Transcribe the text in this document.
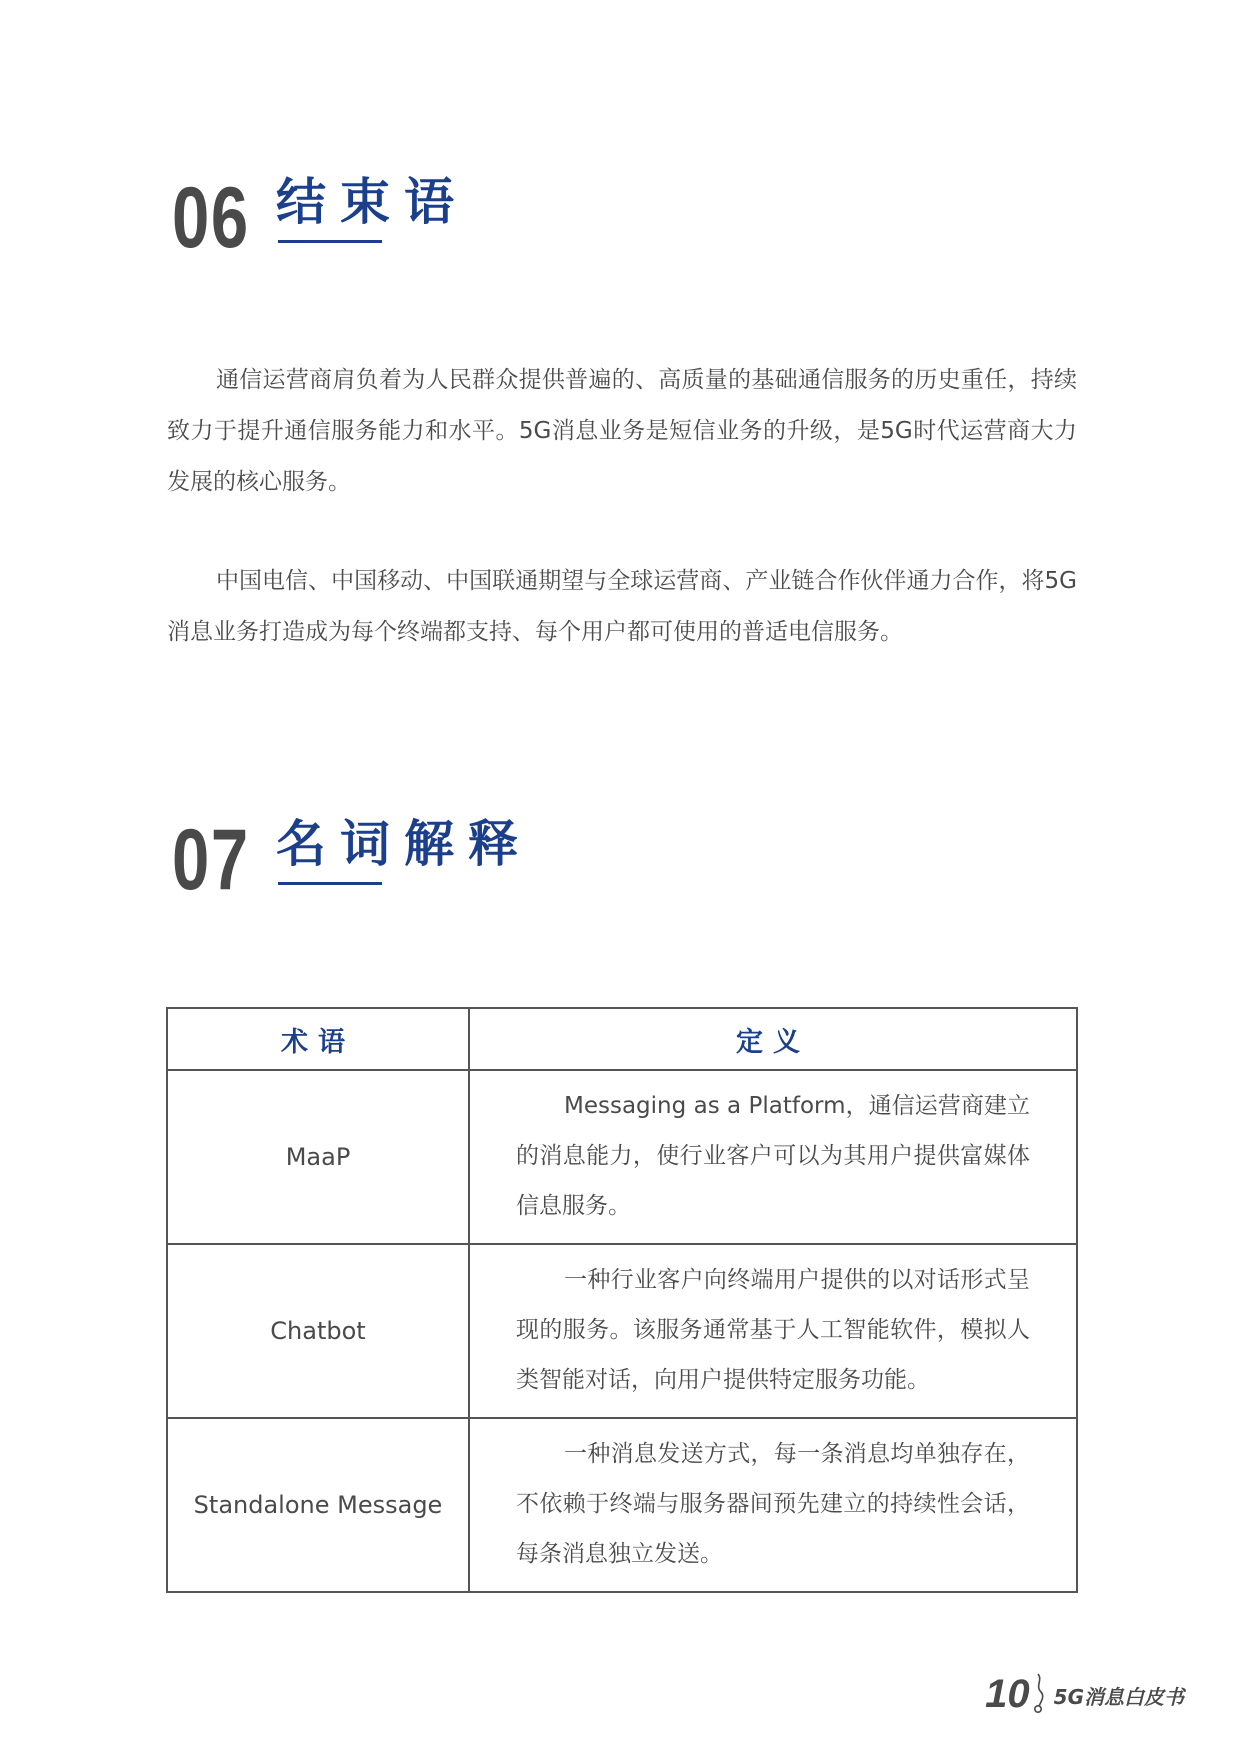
06 结束语

通信运营商肩负着为人民群众提供普遍的、高质量的基础通信服务的历史重任，持续致力于提升通信服务能力和水平。5G消息业务是短信业务的升级，是5G时代运营商大力发展的核心服务。

中国电信、中国移动、中国联通期望与全球运营商、产业链合作伙伴通力合作，将5G消息业务打造成为每个终端都支持、每个用户都可使用的普适电信服务。

07 名词解释
术语	定义
MaaP	Messaging as a Platform，通信运营商建立的消息能力，使行业客户可以为其用户提供富媒体信息服务。
Chatbot	一种行业客户向终端用户提供的以对话形式呈现的服务。该服务通常基于人工智能软件，模拟人类智能对话，向用户提供特定服务功能。
Standalone Message	一种消息发送方式，每一条消息均单独存在，不依赖于终端与服务器间预先建立的持续性会话，每条消息独立发送。
10 5G消息白皮书
